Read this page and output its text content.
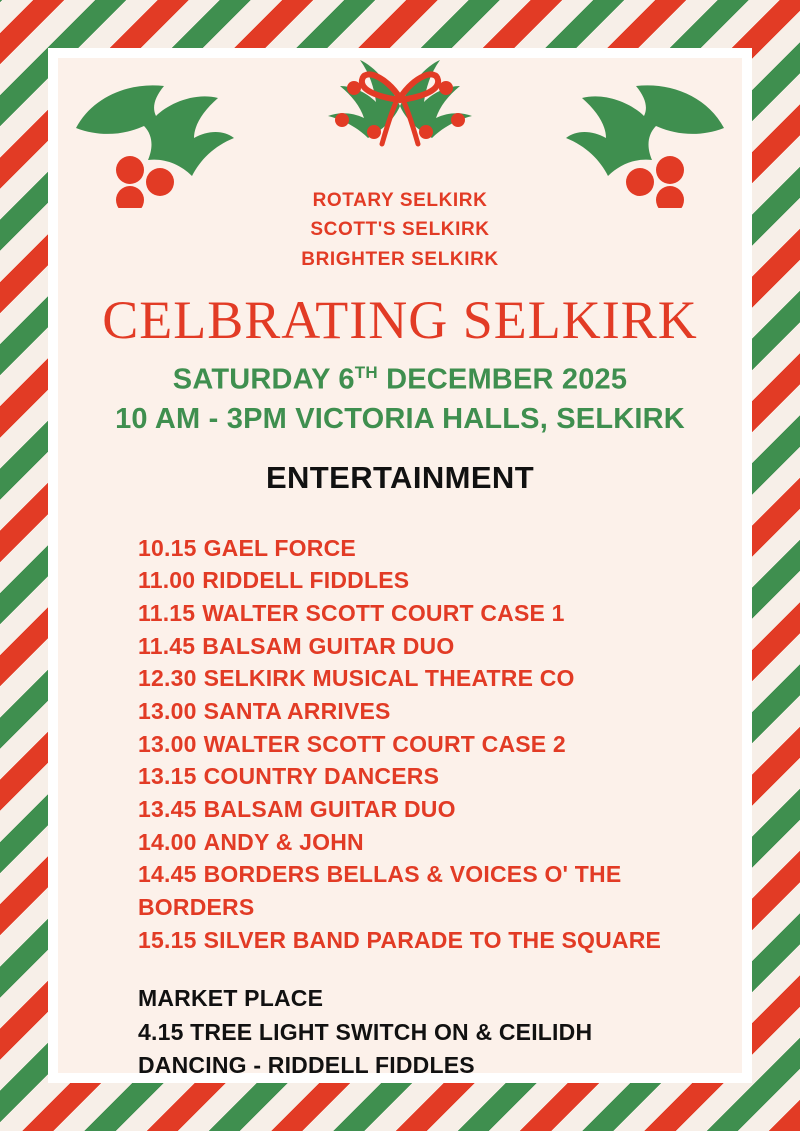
ROTARY SELKIRK
SCOTT'S SELKIRK
BRIGHTER SELKIRK
CELBRATING SELKIRK
SATURDAY 6TH DECEMBER 2025
10 AM - 3PM VICTORIA HALLS, SELKIRK
ENTERTAINMENT
10.15 GAEL FORCE
11.00 RIDDELL FIDDLES
11.15 WALTER SCOTT COURT CASE 1
11.45 BALSAM GUITAR DUO
12.30 SELKIRK MUSICAL THEATRE CO
13.00 SANTA ARRIVES
13.00 WALTER SCOTT COURT CASE 2
13.15 COUNTRY DANCERS
13.45 BALSAM GUITAR DUO
14.00 ANDY & JOHN
14.45 BORDERS BELLAS & VOICES O' THE BORDERS
15.15 SILVER BAND PARADE TO THE SQUARE
MARKET PLACE
4.15 TREE LIGHT SWITCH ON & CEILIDH
DANCING - RIDDELL FIDDLES
